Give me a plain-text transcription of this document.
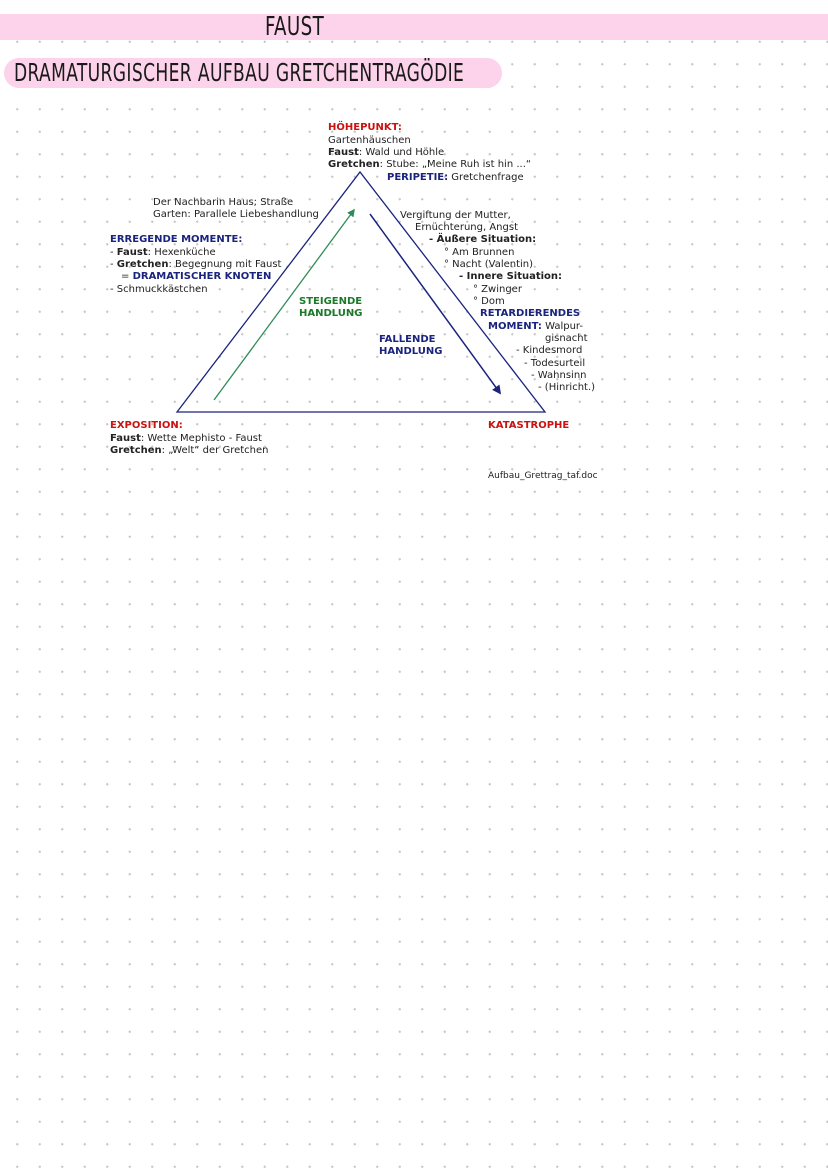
FAUST
DRAMATURGISCHER AUFBAU GRETCHENTRAGÖDIE
HÖHEPUNKT:
Gartenhäuschen
Faust: Wald und Höhle
Gretchen: Stube: „Meine Ruh ist hin ...“
PERIPETIE: Gretchenfrage
Der Nachbarin Haus; Straße
Garten: Parallele Liebeshandlung
ERREGENDE MOMENTE:
- Faust: Hexenküche
- Gretchen: Begegnung mit Faust
= DRAMATISCHER KNOTEN
- Schmuckkästchen
STEIGENDE
HANDLUNG
FALLENDE
HANDLUNG
Vergiftung der Mutter,
Ernüchterung, Angst
- Äußere Situation:
° Am Brunnen
° Nacht (Valentin)
- Innere Situation:
° Zwinger
° Dom
RETARDIERENDES
MOMENT: Walpur-
gisnacht
- Kindesmord
- Todesurteil
- Wahnsinn
- (Hinricht.)
EXPOSITION:
Faust: Wette Mephisto - Faust
Gretchen: „Welt“ der Gretchen
KATASTROPHE
Aufbau_Grettrag_taf.doc
